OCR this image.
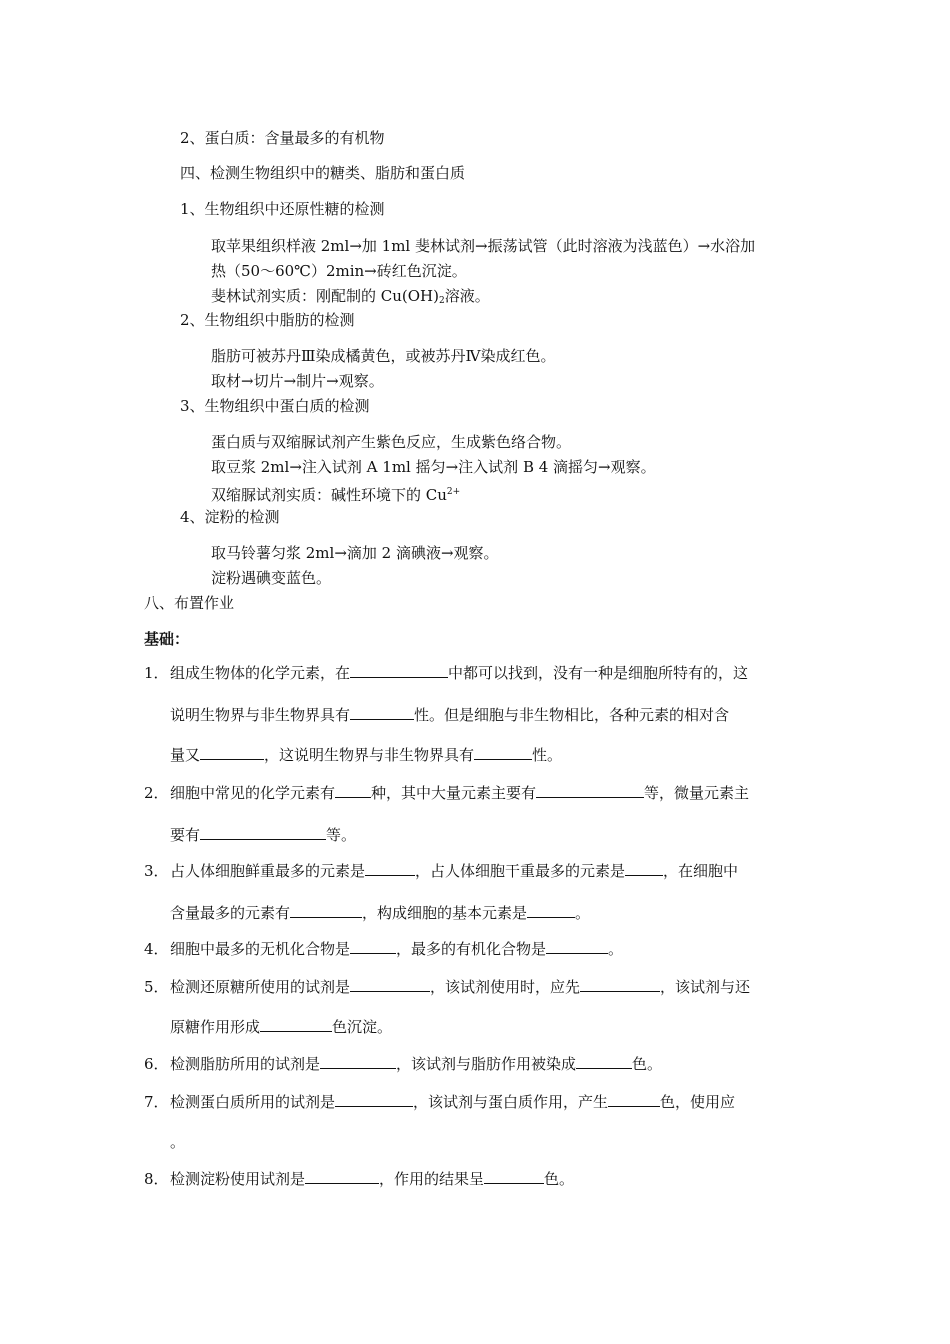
2、蛋白质：含量最多的有机物
四、检测生物组织中的糖类、脂肪和蛋白质
1、生物组织中还原性糖的检测
取苹果组织样液 2ml→加 1ml 斐林试剂→振荡试管（此时溶液为浅蓝色）→水浴加
热（50～60℃）2min→砖红色沉淀。
斐林试剂实质：刚配制的 $Cu(OH)_2$溶液。
2、生物组织中脂肪的检测
脂肪可被苏丹Ⅲ染成橘黄色，或被苏丹Ⅳ染成红色。
取材→切片→制片→观察。
3、生物组织中蛋白质的检测
蛋白质与双缩脲试剂产生紫色反应，生成紫色络合物。
取豆浆 2ml→注入试剂 A 1ml 摇匀→注入试剂 B 4 滴摇匀→观察。
双缩脲试剂实质：碱性环境下的 $Cu^{2+}$
4、淀粉的检测
取马铃薯匀浆 2ml→滴加 2 滴碘液→观察。
淀粉遇碘变蓝色。
八、布置作业
基础：
1．组成生物体的化学元素，在	中都可以找到，没有一种是细胞所特有的，这
说明生物界与非生物界具有	性。但是细胞与非生物相比，各种元素的相对含
量又	，这说明生物界与非生物界具有	性。
2．细胞中常见的化学元素有 种，其中大量元素主要有	等，微量元素主
要有	等。
3．占人体细胞鲜重最多的元素是	，占人体细胞干重最多的元素是	，在细胞中
含量最多的元素有	，构成细胞的基本元素是	。
4．细胞中最多的无机化合物是	，最多的有机化合物是	。
5．检测还原糖所使用的试剂是	，该试剂使用时，应先	，该试剂与还
原糖作用形成	色沉淀。
6．检测脂肪所用的试剂是	，该试剂与脂肪作用被染成	色。
7．检测蛋白质所用的试剂是	，该试剂与蛋白质作用，产生	色，使用应
。
8．检测淀粉使用试剂是	，作用的结果呈	色。
